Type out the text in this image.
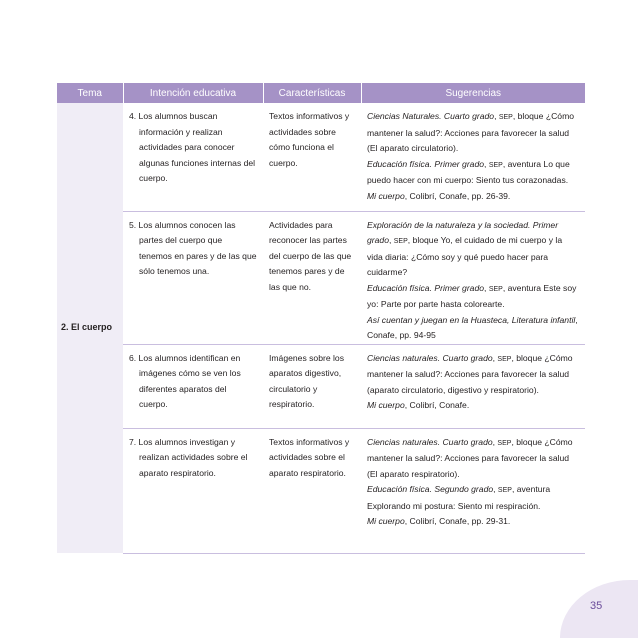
Tema	Intención educativa	Características	Sugerencias
2. El cuerpo	4. Los alumnos buscan información y realizan actividades para conocer algunas funciones internas del cuerpo.	Textos informativos y actividades sobre cómo funciona el cuerpo.	Ciencias Naturales. Cuarto grado, SEP, bloque ¿Cómo mantener la salud?: Acciones para favorecer la salud (El aparato circulatorio).
Educación física. Primer grado, SEP, aventura Lo que puedo hacer con mi cuerpo: Siento tus corazonadas.
Mi cuerpo, Colibrí, Conafe, pp. 26-39.

	5. Los alumnos conocen las partes del cuerpo que tenemos en pares y de las que sólo tenemos una.	Actividades para reconocer las partes del cuerpo de las que tenemos pares y de las que no.	Exploración de la naturaleza y la sociedad. Primer grado, SEP, bloque Yo, el cuidado de mi cuerpo y la vida diaria: ¿Cómo soy y qué puedo hacer para cuidarme?
Educación física. Primer grado, SEP, aventura Este soy yo: Parte por parte hasta colorearte.
Así cuentan y juegan en la Huasteca, Literatura infantil, Conafe, pp. 94-95

	6. Los alumnos identifican en imágenes cómo se ven los diferentes aparatos del cuerpo.	Imágenes sobre los aparatos digestivo, circulatorio y respiratorio.	Ciencias naturales. Cuarto grado, SEP, bloque ¿Cómo mantener la salud?: Acciones para favorecer la salud (aparato circulatorio, digestivo y respiratorio).
Mi cuerpo, Colibrí, Conafe.

	7. Los alumnos investigan y realizan actividades sobre el aparato respiratorio.	Textos informativos y actividades sobre el aparato respiratorio.	Ciencias naturales. Cuarto grado, SEP, bloque ¿Cómo mantener la salud?: Acciones para favorecer la salud (El aparato respiratorio).
Educación física. Segundo grado, SEP, aventura Explorando mi postura: Siento mi respiración.
Mi cuerpo, Colibrí, Conafe, pp. 29-31.
35
